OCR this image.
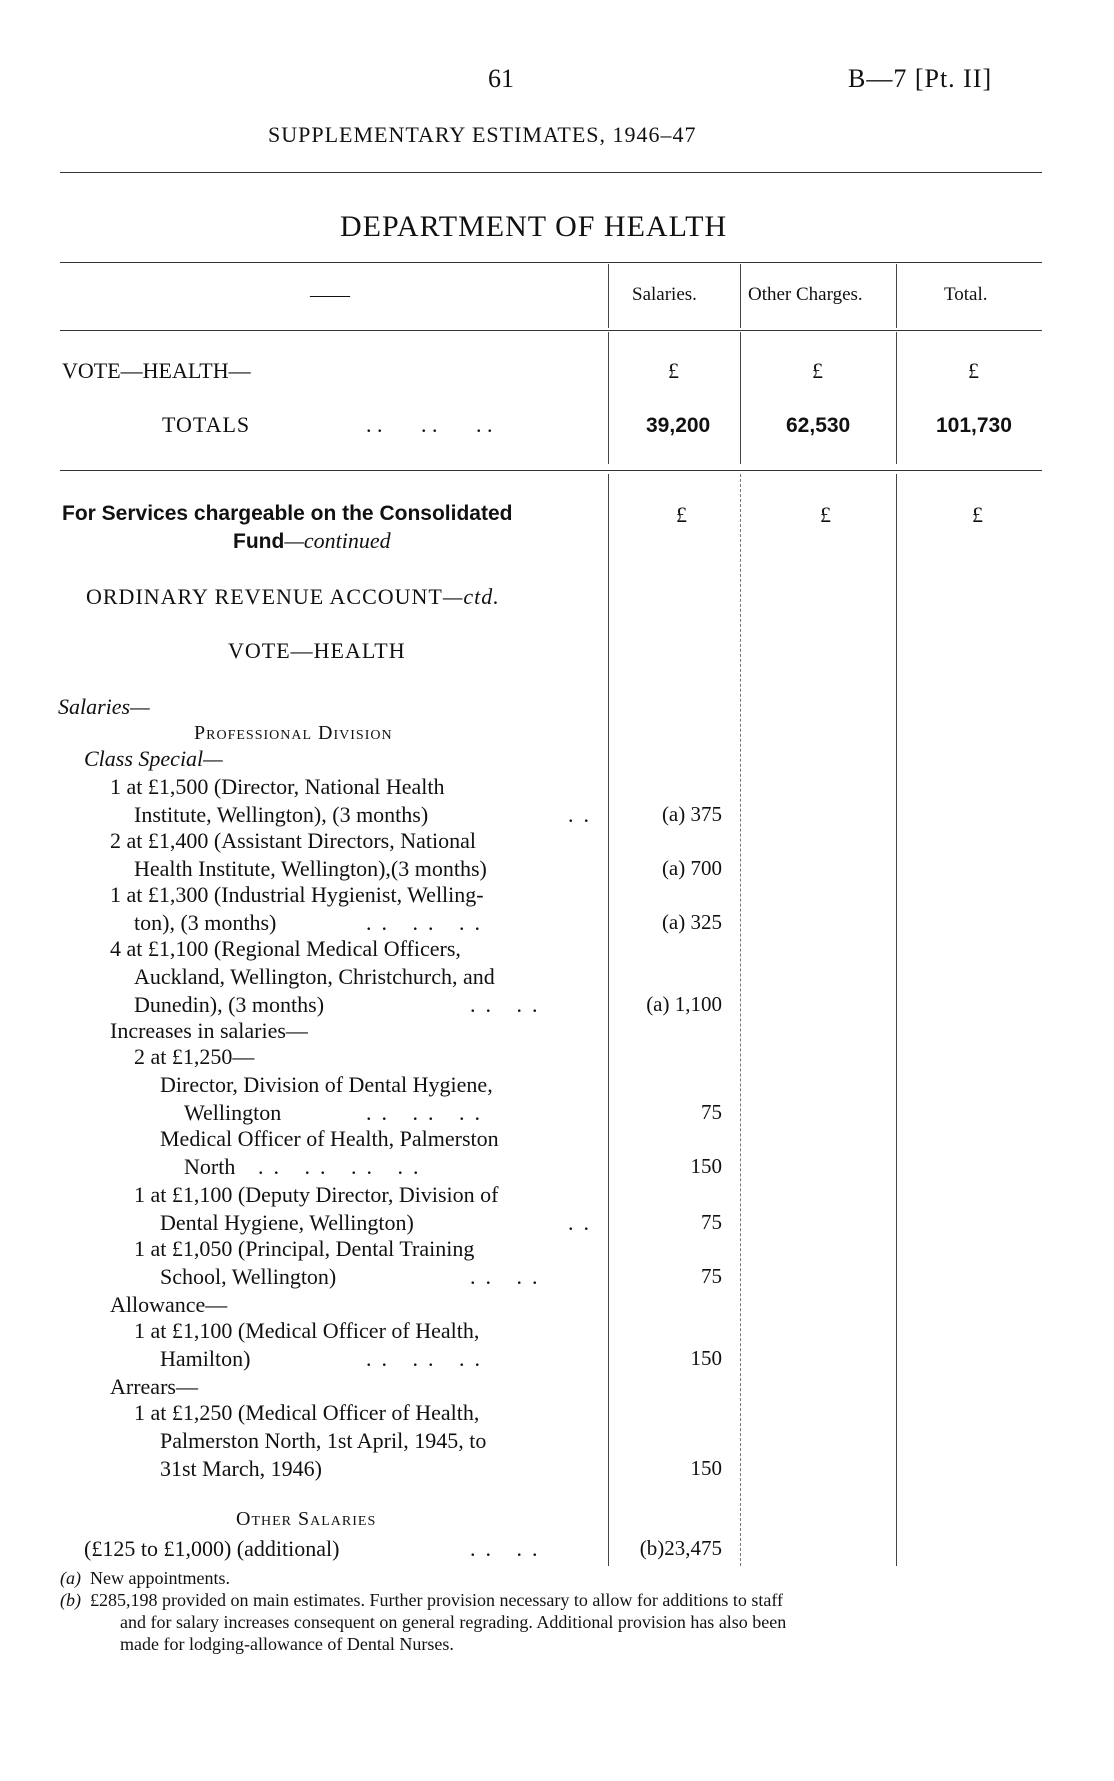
61	B—7 [Pt. II]
SUPPLEMENTARY ESTIMATES, 1946–47
DEPARTMENT OF HEALTH
——	Salaries.	Other Charges.	Total.
VOTE—HEALTH—	£	£	£
TOTALS	. .       . .       . .	39,200	62,530	101,730
For Services chargeable on the Consolidated
Fund—continued
£	£	£
ORDINARY REVENUE ACCOUNT—ctd.
VOTE—HEALTH
Salaries—
Professional Division
Class Special—
1 at £1,500 (Director, National Health
Institute, Wellington), (3 months)	..	(a) 375
2 at £1,400 (Assistant Directors, National
Health Institute, Wellington),(3 months)	(a) 700
1 at £1,300 (Industrial Hygienist, Welling-
ton), (3 months)	.. .. ..	(a) 325
4 at £1,100 (Regional Medical Officers,
Auckland, Wellington, Christchurch, and
Dunedin), (3 months)	.. ..	(a) 1,100
Increases in salaries—
2 at £1,250—
Director, Division of Dental Hygiene,
Wellington	.. .. ..	75
Medical Officer of Health, Palmerston
North .. .. .. ..	150
1 at £1,100 (Deputy Director, Division of
Dental Hygiene, Wellington)	..	75
1 at £1,050 (Principal, Dental Training
School, Wellington)	.. ..	75
Allowance—
1 at £1,100 (Medical Officer of Health,
Hamilton)	.. .. ..	150
Arrears—
1 at £1,250 (Medical Officer of Health,
Palmerston North, 1st April, 1945, to
31st March, 1946)	150
Other Salaries
(£125 to £1,000) (additional)	.. ..	(b)23,475
(a) New appointments.
(b) £285,198 provided on main estimates. Further provision necessary to allow for additions to staff
and for salary increases consequent on general regrading. Additional provision has also been
made for lodging-allowance of Dental Nurses.
